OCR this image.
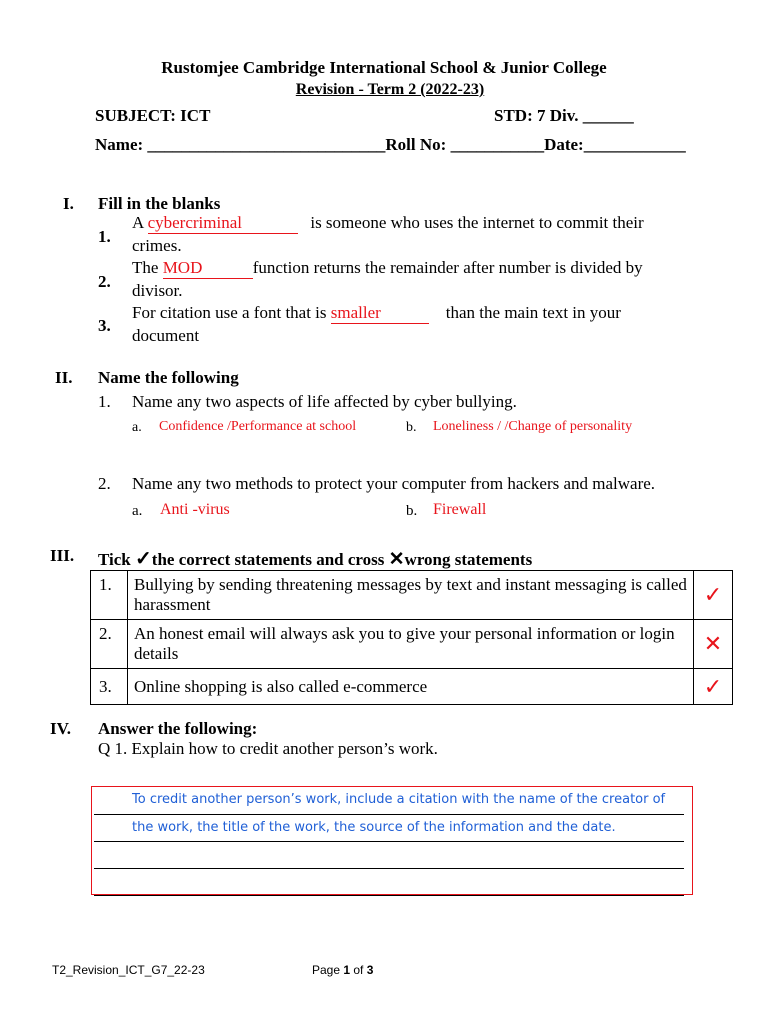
Rustomjee Cambridge International School & Junior College
Revision - Term 2 (2022-23)
SUBJECT: ICT	STD: 7 Div. ______
Name: ____________________________Roll No: ___________Date:____________
I. Fill in the blanks
1.
A cybercriminal	is someone who uses the internet to commit their
crimes.
2.
The MOD	function returns the remainder after number is divided by
divisor.
3.
For citation use a font that is smaller	than the main text in your
document
II. Name the following
1. Name any two aspects of life affected by cyber bullying.
a. Confidence /Performance at school	b. Loneliness / /Change of personality
2. Name any two methods to protect your computer from hackers and malware.
a. Anti -virus	b. Firewall
III. Tick ✓the correct statements and cross ✕wrong statements
1.	Bullying by sending threatening messages by text and instant messaging is called harassment	✓
2.	An honest email will always ask you to give your personal information or login details	✕
3.	Online shopping is also called e-commerce	✓
IV. Answer the following:
Q 1. Explain how to credit another person’s work.
To credit another person’s work, include a citation with the name of the creator of
the work, the title of the work, the source of the information and the date.
T2_Revision_ICT_G7_22-23	Page 1 of 3
